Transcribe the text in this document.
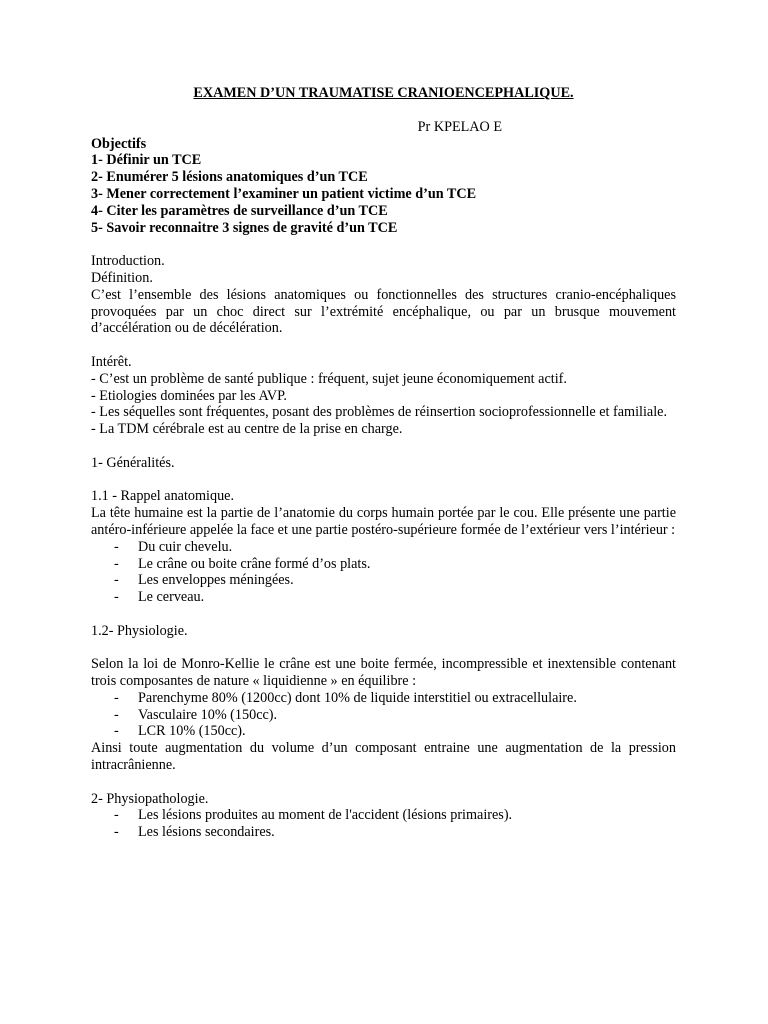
EXAMEN D’UN TRAUMATISE CRANIOENCEPHALIQUE.

Pr KPELAO E

Objectifs

1- Définir un TCE

2- Enumérer 5 lésions anatomiques d’un TCE

3- Mener correctement l’examiner un patient victime d’un TCE

4- Citer les paramètres de surveillance d’un TCE

5- Savoir reconnaitre 3 signes de gravité d’un TCE

Introduction.

Définition.

C’est l’ensemble des lésions anatomiques ou fonctionnelles des structures cranio-encéphaliques provoquées par un choc direct sur l’extrémité encéphalique, ou par un brusque mouvement d’accélération ou de décélération.

Intérêt.

- C’est un problème de santé publique : fréquent, sujet jeune économiquement actif.

- Etiologies dominées par les AVP.

- Les séquelles sont fréquentes, posant des problèmes de réinsertion socioprofessionnelle et familiale.

- La TDM cérébrale est au centre de la prise en charge.

1- Généralités.

1.1 - Rappel anatomique.

La tête humaine est la partie de l’anatomie du corps humain portée par le cou. Elle présente une partie antéro-inférieure appelée la face et une partie postéro-supérieure formée de l’extérieur vers l’intérieur :

- Du cuir chevelu.
- Le crâne ou boite crâne formé d’os plats.
- Les enveloppes méningées.
- Le cerveau.

1.2- Physiologie.

Selon la loi de Monro-Kellie le crâne est une boite fermée, incompressible et inextensible contenant trois composantes de nature « liquidienne » en équilibre :

- Parenchyme 80% (1200cc) dont 10% de liquide interstitiel ou extracellulaire.
- Vasculaire 10% (150cc).
- LCR 10% (150cc).

Ainsi toute augmentation du volume d’un composant entraine une augmentation de la pression intracrânienne.

2- Physiopathologie.

- Les lésions produites au moment de l'accident (lésions primaires).
- Les lésions secondaires.
